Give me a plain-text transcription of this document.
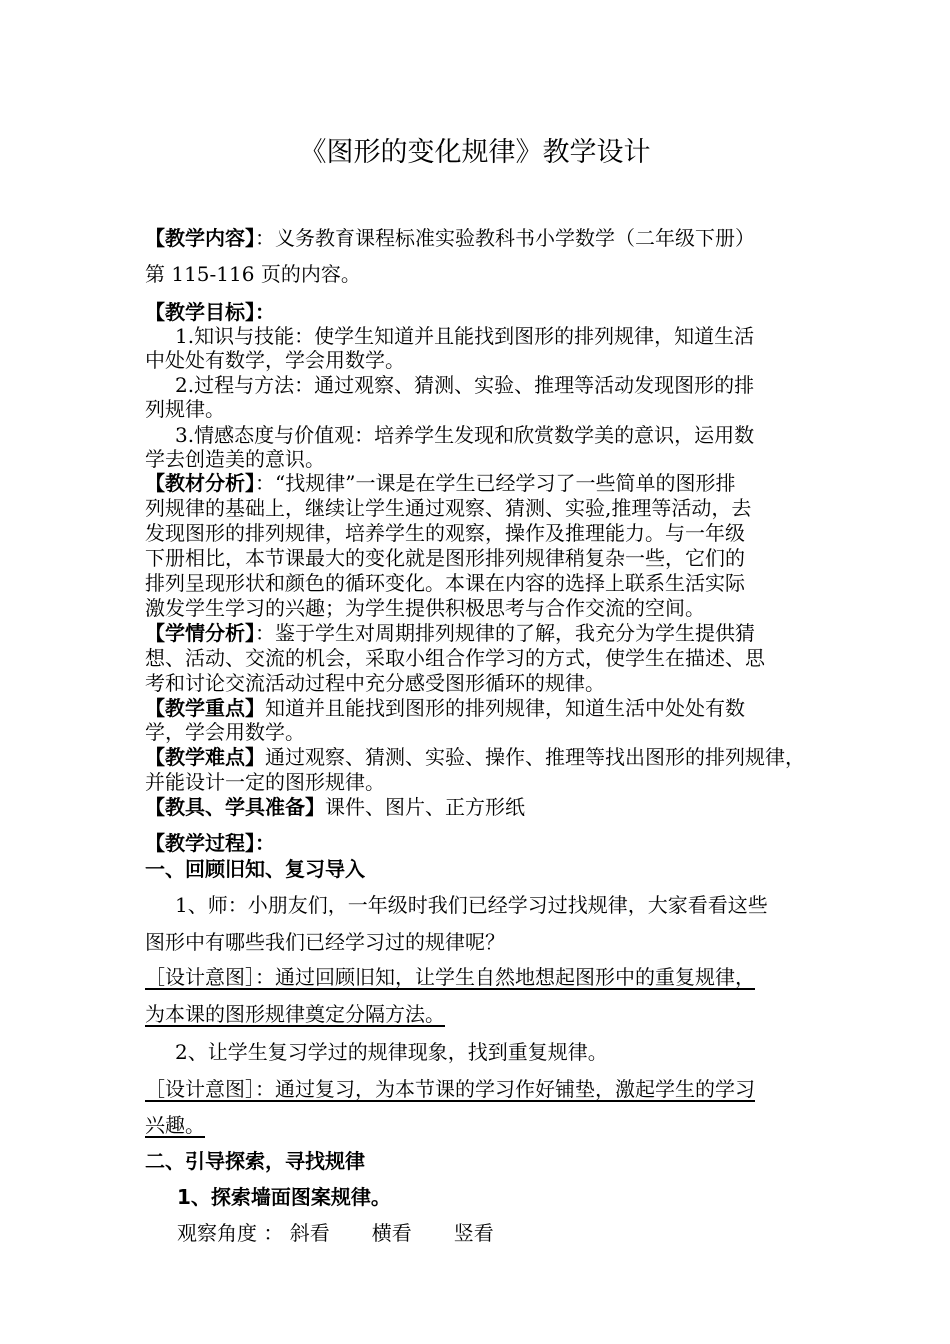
《图形的变化规律》教学设计
【教学内容】：义务教育课程标准实验教科书小学数学（二年级下册）
第 115-116 页的内容。
【教学目标】：
1.知识与技能：使学生知道并且能找到图形的排列规律，知道生活
中处处有数学，学会用数学。
2.过程与方法：通过观察、猜测、实验、推理等活动发现图形的排
列规律。
3.情感态度与价值观：培养学生发现和欣赏数学美的意识，运用数
学去创造美的意识。
【教材分析】：“找规律”一课是在学生已经学习了一些简单的图形排
列规律的基础上，继续让学生通过观察、猜测、实验,推理等活动，去
发现图形的排列规律，培养学生的观察，操作及推理能力。与一年级
下册相比，本节课最大的变化就是图形排列规律稍复杂一些，它们的
排列呈现形状和颜色的循环变化。本课在内容的选择上联系生活实际
激发学生学习的兴趣；为学生提供积极思考与合作交流的空间。
【学情分析】：鉴于学生对周期排列规律的了解，我充分为学生提供猜
想、活动、交流的机会，采取小组合作学习的方式，使学生在描述、思
考和讨论交流活动过程中充分感受图形循环的规律。
【教学重点】知道并且能找到图形的排列规律，知道生活中处处有数
学，学会用数学。
【教学难点】通过观察、猜测、实验、操作、推理等找出图形的排列规律，
并能设计一定的图形规律。
【教具、学具准备】课件、图片、正方形纸
【教学过程】：
一、回顾旧知、复习导入
1、师：小朋友们，一年级时我们已经学习过找规律，大家看看这些
图形中有哪些我们已经学习过的规律呢？
［设计意图］：通过回顾旧知，让学生自然地想起图形中的重复规律，
为本课的图形规律奠定分隔方法。
2、让学生复习学过的规律现象，找到重复规律。
［设计意图］：通过复习，为本节课的学习作好铺垫，激起学生的学习
兴趣。
二、引导探索，寻找规律
1、探索墙面图案规律。
观察角度 ： 斜看 横看 竖看
